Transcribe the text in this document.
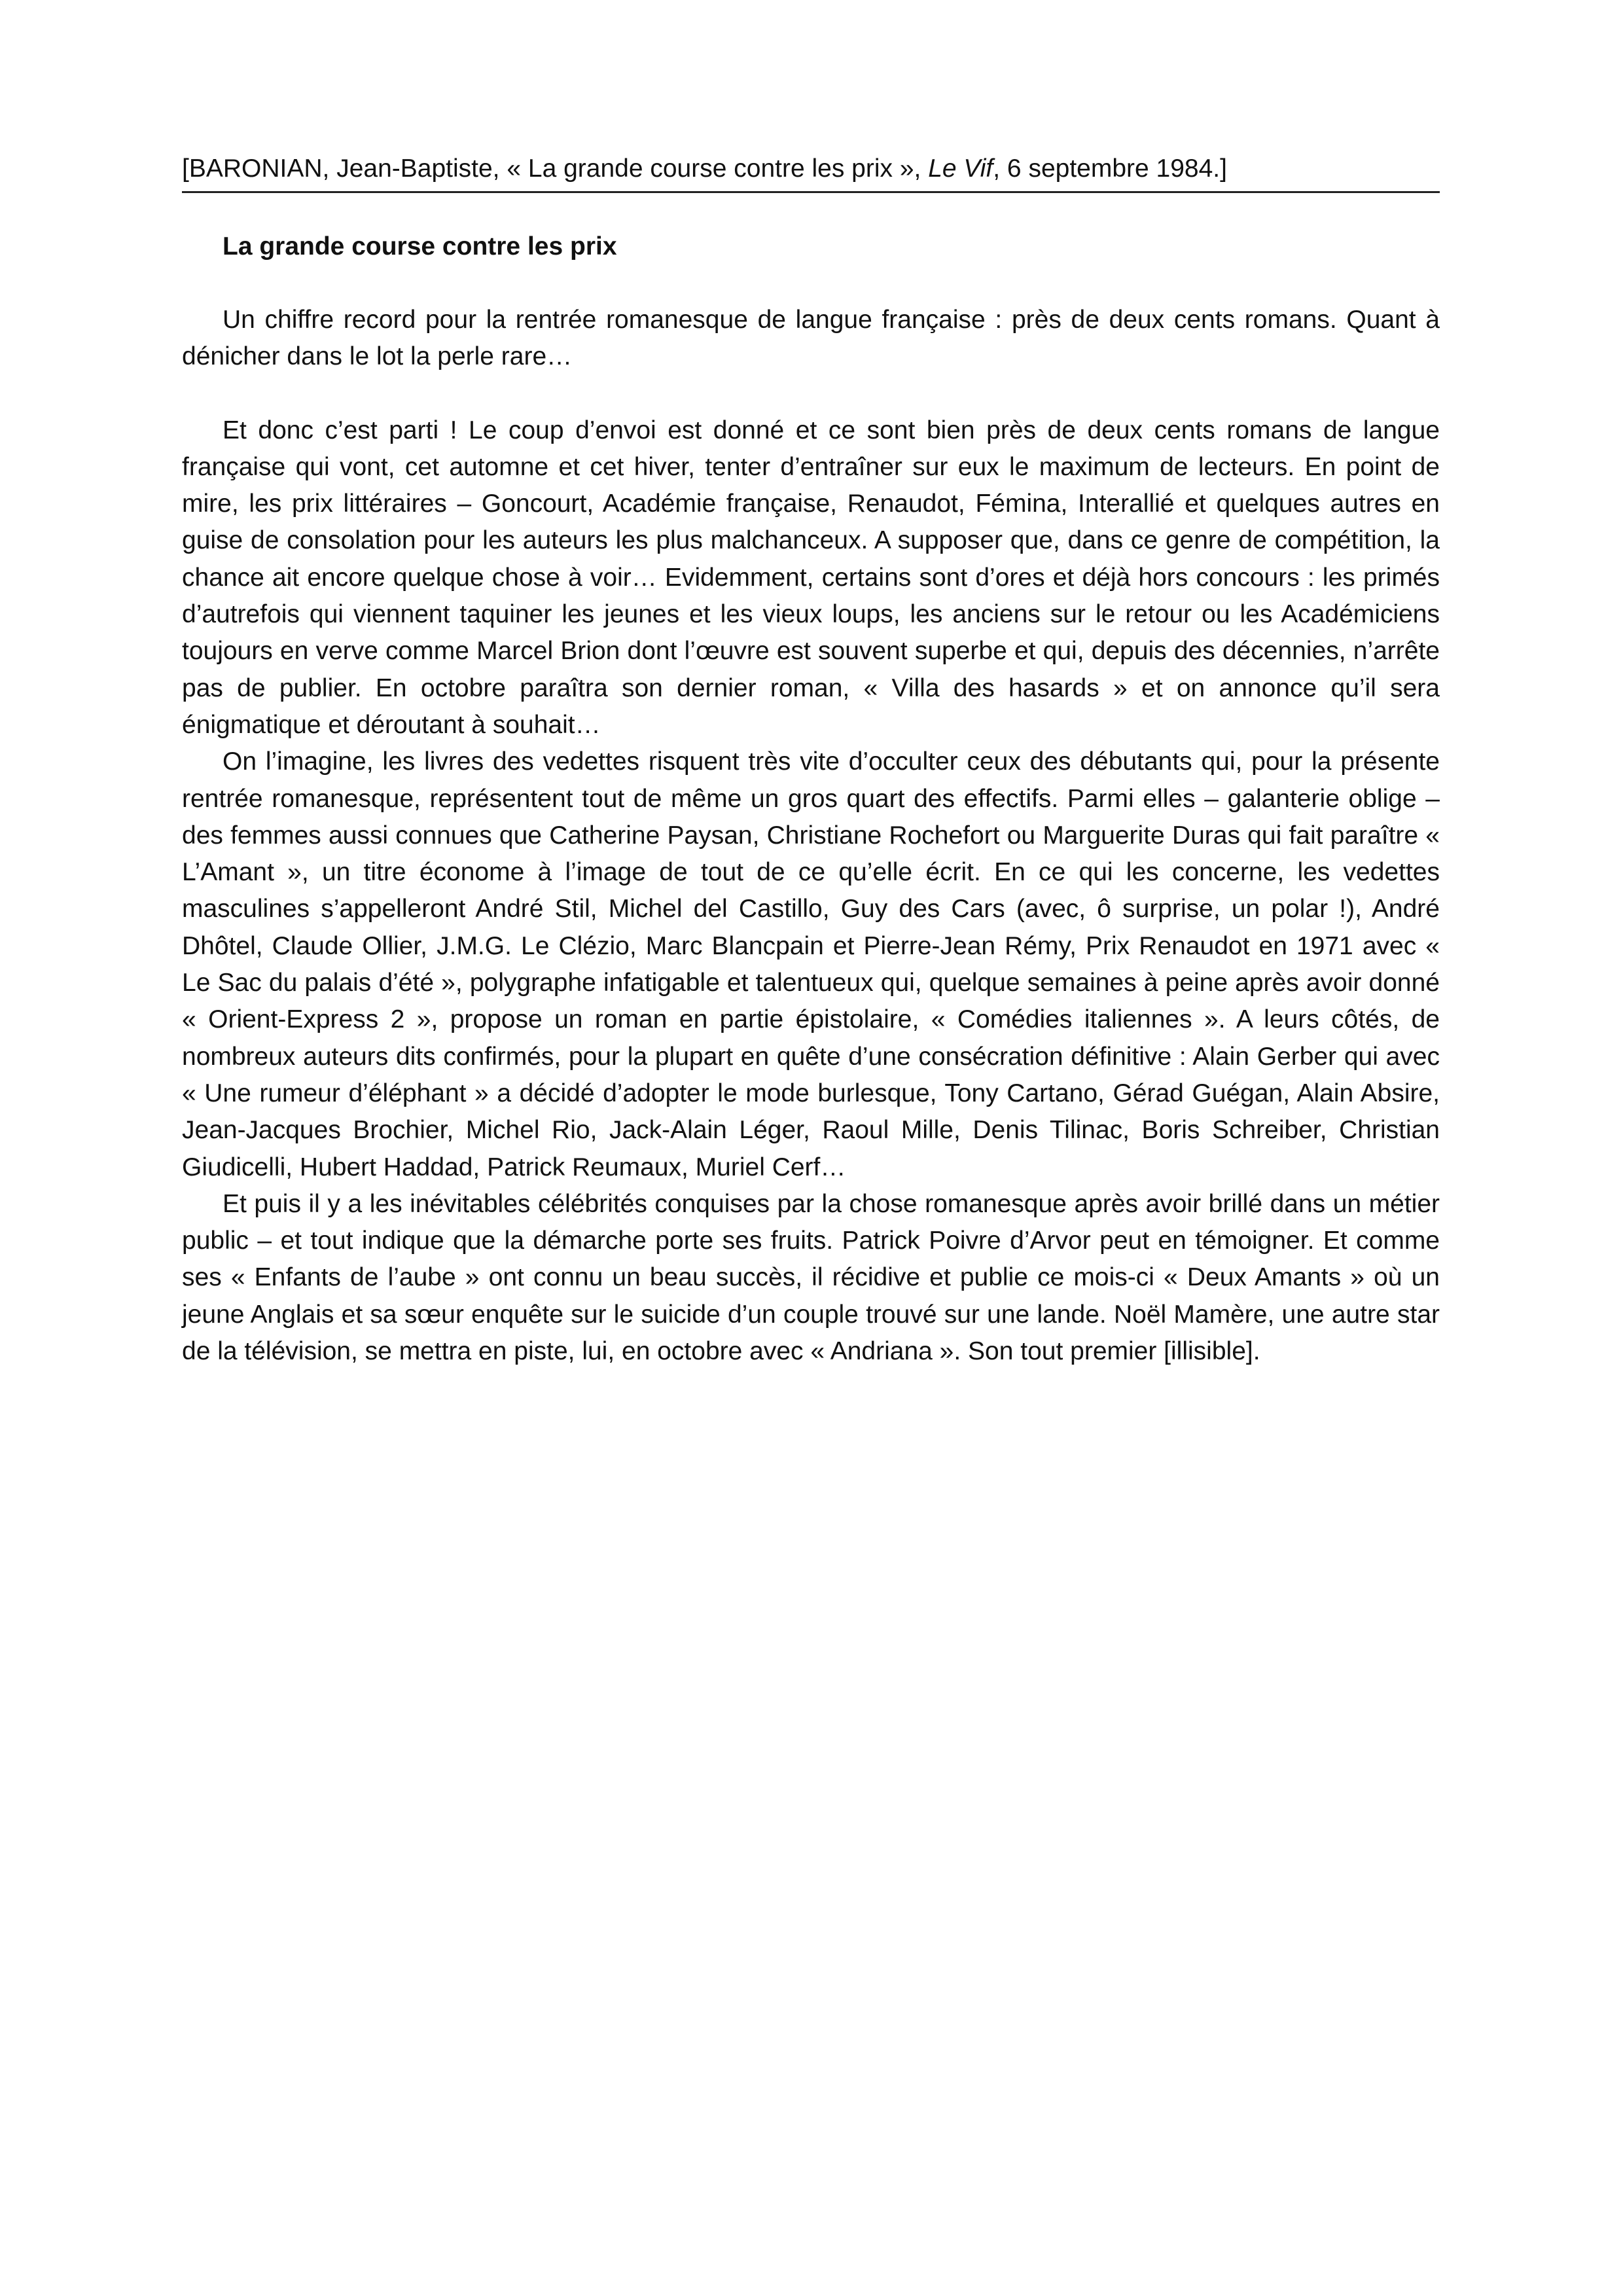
[BARONIAN, Jean-Baptiste, « La grande course contre les prix », Le Vif, 6 septembre 1984.]
La grande course contre les prix

Un chiffre record pour la rentrée romanesque de langue française : près de deux cents romans. Quant à dénicher dans le lot la perle rare…

Et donc c’est parti ! Le coup d’envoi est donné et ce sont bien près de deux cents romans de langue française qui vont, cet automne et cet hiver, tenter d’entraîner sur eux le maximum de lecteurs. En point de mire, les prix littéraires – Goncourt, Académie française, Renaudot, Fémina, Interallié et quelques autres en guise de consolation pour les auteurs les plus malchanceux. A supposer que, dans ce genre de compétition, la chance ait encore quelque chose à voir… Evidemment, certains sont d’ores et déjà hors concours : les primés d’autrefois qui viennent taquiner les jeunes et les vieux loups, les anciens sur le retour ou les Académiciens toujours en verve comme Marcel Brion dont l’œuvre est souvent superbe et qui, depuis des décennies, n’arrête pas de publier. En octobre paraîtra son dernier roman, « Villa des hasards » et on annonce qu’il sera énigmatique et déroutant à souhait…

On l’imagine, les livres des vedettes risquent très vite d’occulter ceux des débutants qui, pour la présente rentrée romanesque, représentent tout de même un gros quart des effectifs. Parmi elles – galanterie oblige – des femmes aussi connues que Catherine Paysan, Christiane Rochefort ou Marguerite Duras qui fait paraître « L’Amant », un titre économe à l’image de tout de ce qu’elle écrit. En ce qui les concerne, les vedettes masculines s’appelleront André Stil, Michel del Castillo, Guy des Cars (avec, ô surprise, un polar !), André Dhôtel, Claude Ollier, J.M.G. Le Clézio, Marc Blancpain et Pierre-Jean Rémy, Prix Renaudot en 1971 avec « Le Sac du palais d’été », polygraphe infatigable et talentueux qui, quelque semaines à peine après avoir donné « Orient-Express 2 », propose un roman en partie épistolaire, « Comédies italiennes ». A leurs côtés, de nombreux auteurs dits confirmés, pour la plupart en quête d’une consécration définitive : Alain Gerber qui avec « Une rumeur d’éléphant » a décidé d’adopter le mode burlesque, Tony Cartano, Gérad Guégan, Alain Absire, Jean-Jacques Brochier, Michel Rio, Jack-Alain Léger, Raoul Mille, Denis Tilinac, Boris Schreiber, Christian Giudicelli, Hubert Haddad, Patrick Reumaux, Muriel Cerf…

Et puis il y a les inévitables célébrités conquises par la chose romanesque après avoir brillé dans un métier public – et tout indique que la démarche porte ses fruits. Patrick Poivre d’Arvor peut en témoigner. Et comme ses « Enfants de l’aube » ont connu un beau succès, il récidive et publie ce mois-ci « Deux Amants » où un jeune Anglais et sa sœur enquête sur le suicide d’un couple trouvé sur une lande. Noël Mamère, une autre star de la télévision, se mettra en piste, lui, en octobre avec « Andriana ». Son tout premier [illisible].
